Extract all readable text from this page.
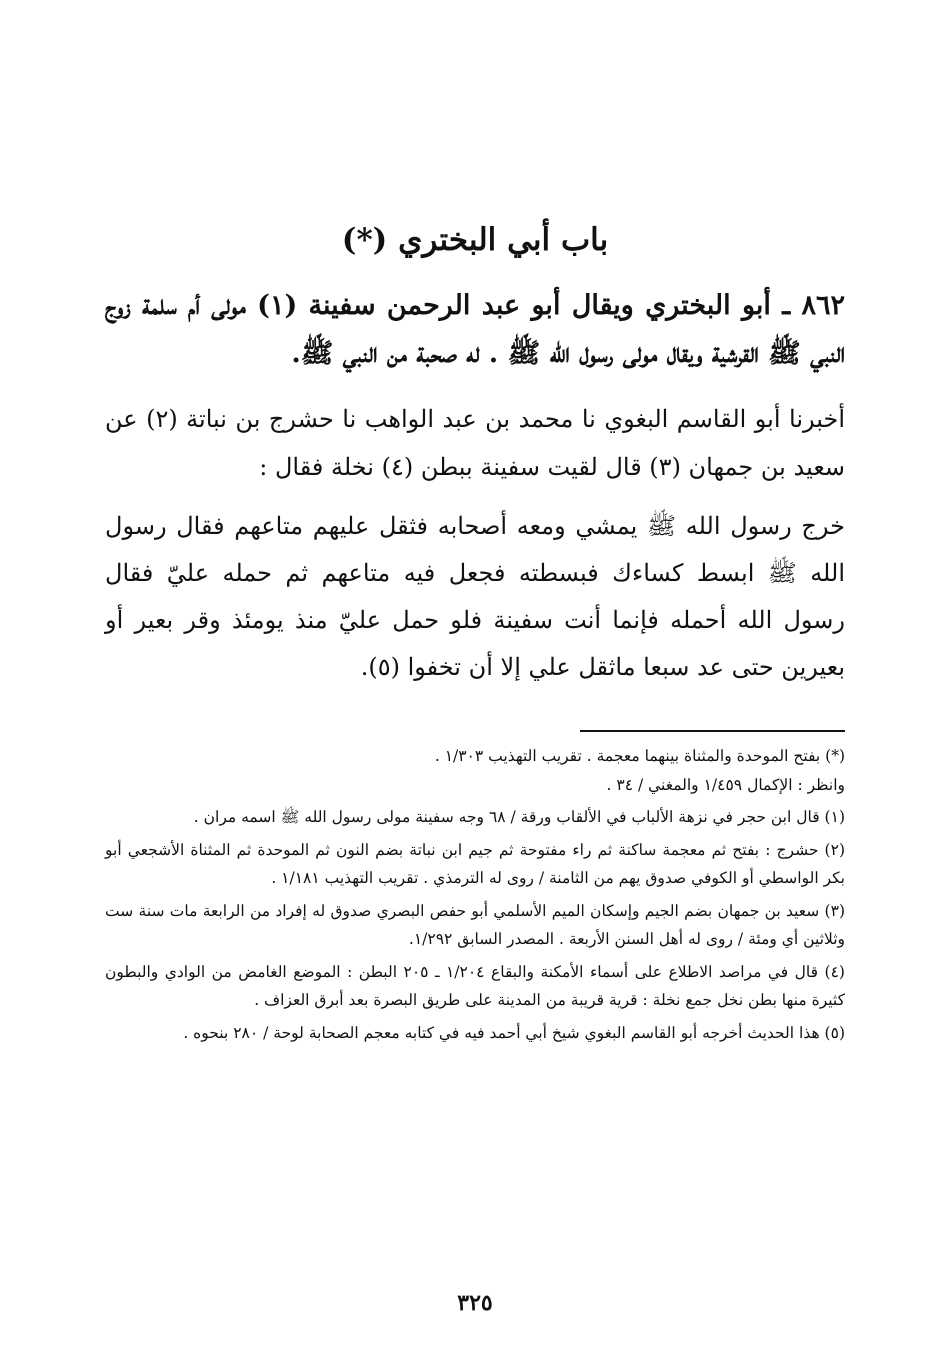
باب أبي البختري (*)
٨٦٢ ـ أبو البختري ويقال أبو عبد الرحمن سفينة (١) مولى أم سلمة زوج النبي ﷺ القرشية ويقال مولى رسول الله ﷺ . له صحبة من النبي ﷺ.
أخبرنا أبو القاسم البغوي نا محمد بن عبد الواهب نا حشرج بن نباتة (٢) عن سعيد بن جمهان (٣) قال لقيت سفينة ببطن (٤) نخلة فقال :
خرج رسول الله ﷺ يمشي ومعه أصحابه فثقل عليهم متاعهم فقال رسول الله ﷺ ابسط كساءك فبسطته فجعل فيه متاعهم ثم حمله عليّ فقال رسول الله أحمله فإنما أنت سفينة فلو حمل عليّ منذ يومئذ وقر بعير أو بعيرين حتى عد سبعا ماثقل علي إلا أن تخفوا (٥).

(*) بفتح الموحدة والمثناة بينهما معجمة . تقريب التهذيب ١/٣٠٣ .

وانظر : الإكمال ١/٤٥٩ والمغني / ٣٤ .

(١) قال ابن حجر في نزهة الألباب في الألقاب ورقة / ٦٨ وجه سفينة مولى رسول الله ﷺ اسمه مران .

(٢) حشرج : بفتح ثم معجمة ساكنة ثم راء مفتوحة ثم جيم ابن نباتة بضم النون ثم الموحدة ثم المثناة الأشجعي أبو بكر الواسطي أو الكوفي صدوق يهم من الثامنة / روى له الترمذي . تقريب التهذيب ١/١٨١ .

(٣) سعيد بن جمهان بضم الجيم وإسكان الميم الأسلمي أبو حفص البصري صدوق له إفراد من الرابعة مات سنة ست وثلاثين أي ومئة / روى له أهل السنن الأربعة . المصدر السابق ١/٢٩٢.

(٤) قال في مراصد الاطلاع على أسماء الأمكنة والبقاع ١/٢٠٤ ـ ٢٠٥ البطن : الموضع الغامض من الوادي والبطون كثيرة منها بطن نخل جمع نخلة : قرية قريبة من المدينة على طريق البصرة بعد أبرق العزاف .

(٥) هذا الحديث أخرجه أبو القاسم البغوي شيخ أبي أحمد فيه في كتابه معجم الصحابة لوحة / ٢٨٠ بنحوه .

٣٢٥
